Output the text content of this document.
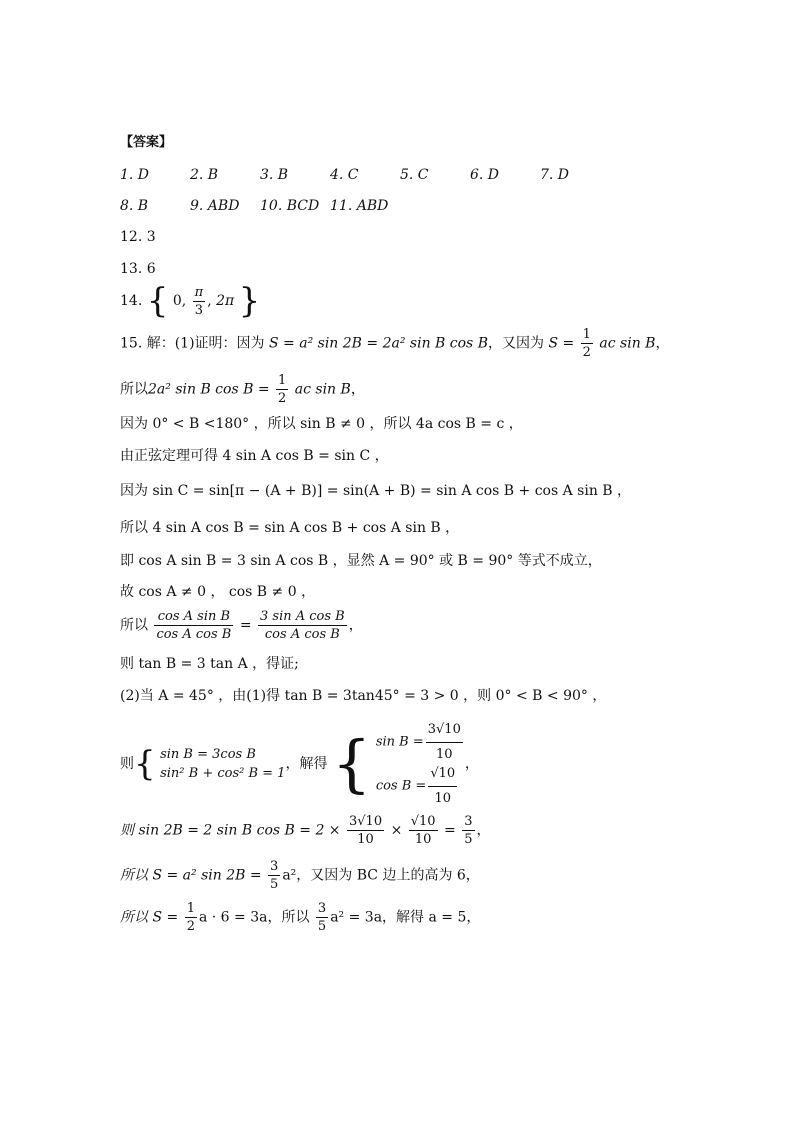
【答案】
1. D	2. B	3. B	4. C	5. C	6. D	7. D
8. B	9. ABD 10. BCD 11. ABD
12. 3
13. 6
14. { 0, $\frac{\pi}{3}$ , 2π }
15. 解：(1)证明：因为 S = a² sin 2B = 2a² sin B cos B，又因为 $S = \frac{1}{2}$ ac sin B，
所以2a² sin B $\cos B = \frac{1}{2}$ ac sin B，
因为 0° < B <180° ，所以 sin B ≠ 0 ，所以 4a cos B = c ，
由正弦定理可得 4 sin A cos B = sin C ，
因为 sin C = sin[π − (A + B)] = sin(A + B) = sin A cos B + cos A sin B ，
所以 4 sin A cos B = sin A cos B + cos A sin B ，
即 cos A sin B = 3 sin A cos B ，显然 A = 90° 或 B = 90° 等式不成立，
故 cos A ≠ 0 ， cos B ≠ 0 ，
所以 $\frac{\text{cos A sin B}}{\text{cos A cos B}} = \frac{\text{3 sin A cos B}}{\text{cos A cos B}}$ ，
则 tan B = 3 tan A ，得证;
(2)当 A = 45° ，由(1)得 tan B = 3tan45° = 3 > 0 ，则 0° < B < 90° ，
则{ sin B = 3cos B
sin² B + cos² B = 1
，解得 { $\sin B = \frac{3√10}{10}$
$\cos B = \frac{√10}{10}$ ，
则 sin 2B = 2 sin B $\cos B = 2 \times \frac{3√10}{10} \times \frac{√10}{10} = \frac{3}{5}$ ，
所以 S = a² $\sin 2B = \frac{3}{5} a^2$，又因为 BC 边上的高为 6，
所以 $S = \frac{1}{2}$ a · 6 = 3a，所以 $\frac{3}{5} a^2 = 3a$，解得 a = 5，
